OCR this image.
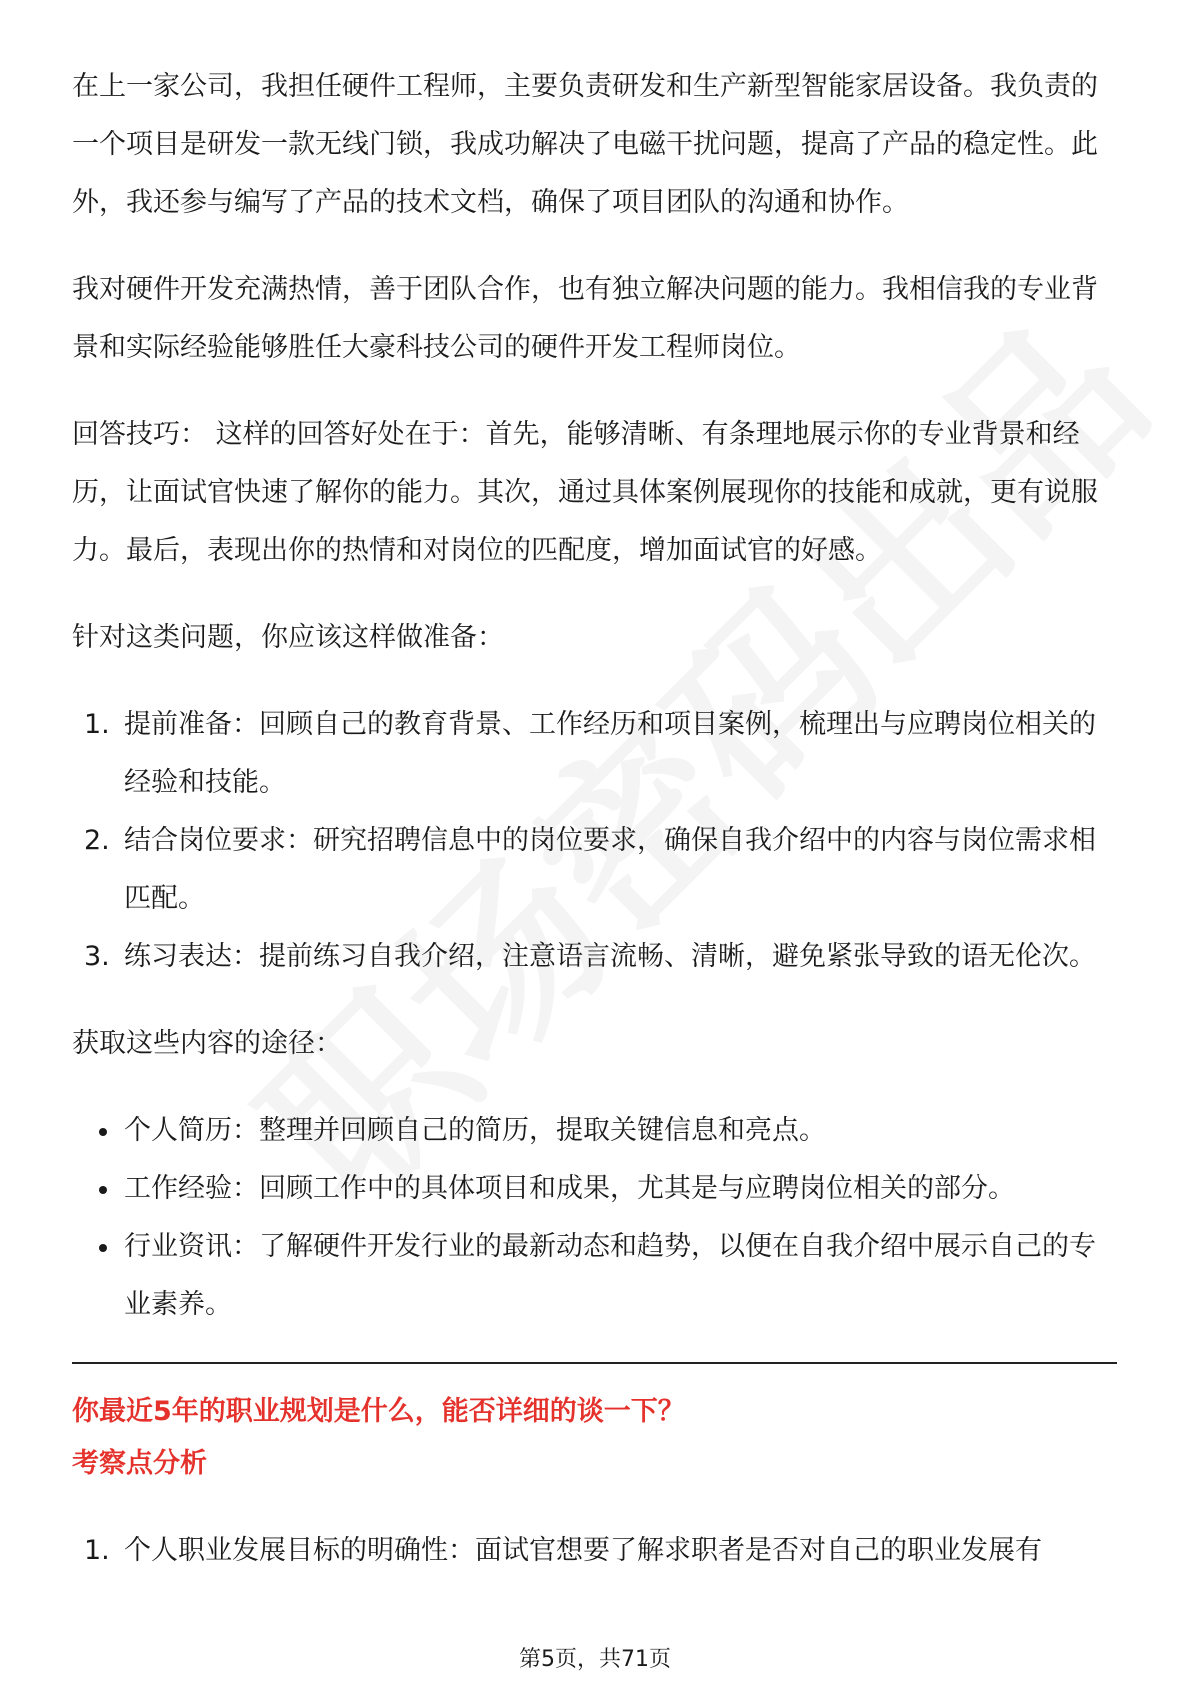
在上一家公司，我担任硬件工程师，主要负责研发和生产新型智能家居设备。我负责的一个项目是研发一款无线门锁，我成功解决了电磁干扰问题，提高了产品的稳定性。此外，我还参与编写了产品的技术文档，确保了项目团队的沟通和协作。

我对硬件开发充满热情，善于团队合作，也有独立解决问题的能力。我相信我的专业背景和实际经验能够胜任大豪科技公司的硬件开发工程师岗位。

回答技巧： 这样的回答好处在于：首先，能够清晰、有条理地展示你的专业背景和经历，让面试官快速了解你的能力。其次，通过具体案例展现你的技能和成就，更有说服力。最后，表现出你的热情和对岗位的匹配度，增加面试官的好感。

针对这类问题，你应该这样做准备：

1. 提前准备：回顾自己的教育背景、工作经历和项目案例，梳理出与应聘岗位相关的经验和技能。
2. 结合岗位要求：研究招聘信息中的岗位要求，确保自我介绍中的内容与岗位需求相匹配。
3. 练习表达：提前练习自我介绍，注意语言流畅、清晰，避免紧张导致的语无伦次。

获取这些内容的途径：

个人简历：整理并回顾自己的简历，提取关键信息和亮点。
工作经验：回顾工作中的具体项目和成果，尤其是与应聘岗位相关的部分。
行业资讯：了解硬件开发行业的最新动态和趋势，以便在自我介绍中展示自己的专业素养。
你最近5年的职业规划是什么，能否详细的谈一下？
考察点分析
1. 个人职业发展目标的明确性：面试官想要了解求职者是否对自己的职业发展有
第5页，共71页
